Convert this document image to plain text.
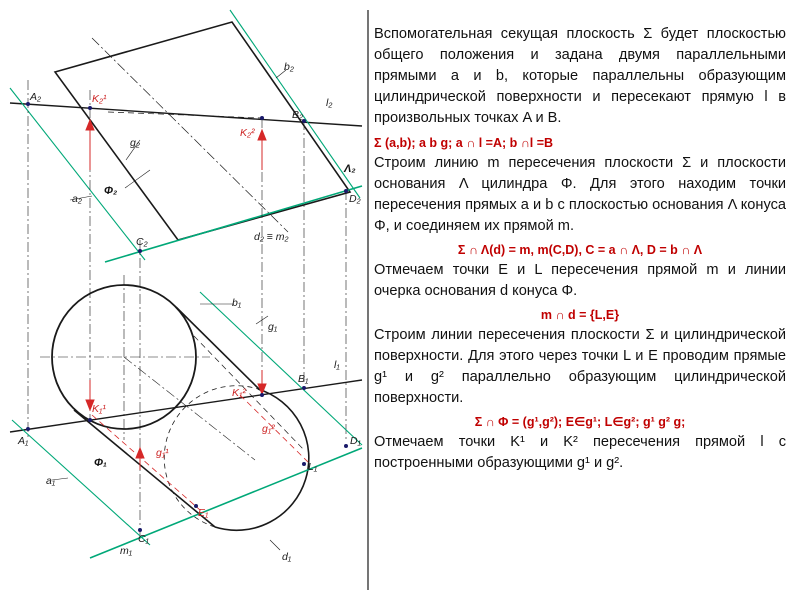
A₂	K₂¹
b₂
B₂
l₂
K₂²
g₂
Λ₂
Φ₂
a₂	D₂
C₂	d₂ ≡ m₂
b₁
g₁
l₁
K₁²
B₁
K₁¹
g₁²
A₁	D₁
g₁¹
Φ₁	L₁
a₁
E₁
C₁
m₁	d₁

Вспомогательная секущая плоскость Σ будет плоскостью общего положения и задана двумя параллельными прямыми a и b, которые параллельны образующим цилиндрической поверхности и пересекают прямую l в произвольных точках A и B.

Σ (a,b); a b g; a ∩ l =A; b ∩l =B

Строим линию m пересечения плоскости Σ и плоскости основания Λ цилиндра Φ. Для этого находим точки пересечения прямых a и b с плоскостью основания Λ конуса Φ, и соединяем их прямой m.

Σ ∩ Λ(d) = m, m(C,D), C = a ∩ Λ, D = b ∩ Λ

Отмечаем точки E и L пересечения прямой m и линии очерка основания d конуса Φ.

m ∩ d = {L,E}

Строим линии пересечения плоскости Σ и цилиндрической поверхности. Для этого через точки L и E проводим прямые g¹ и g² параллельно образующим цилиндрической поверхности.

Σ ∩ Φ = (g¹,g²); E∈g¹; L∈g²; g¹ g² g;

Отмечаем точки K¹ и K² пересечения прямой l с построенными образующими g¹ и g².
